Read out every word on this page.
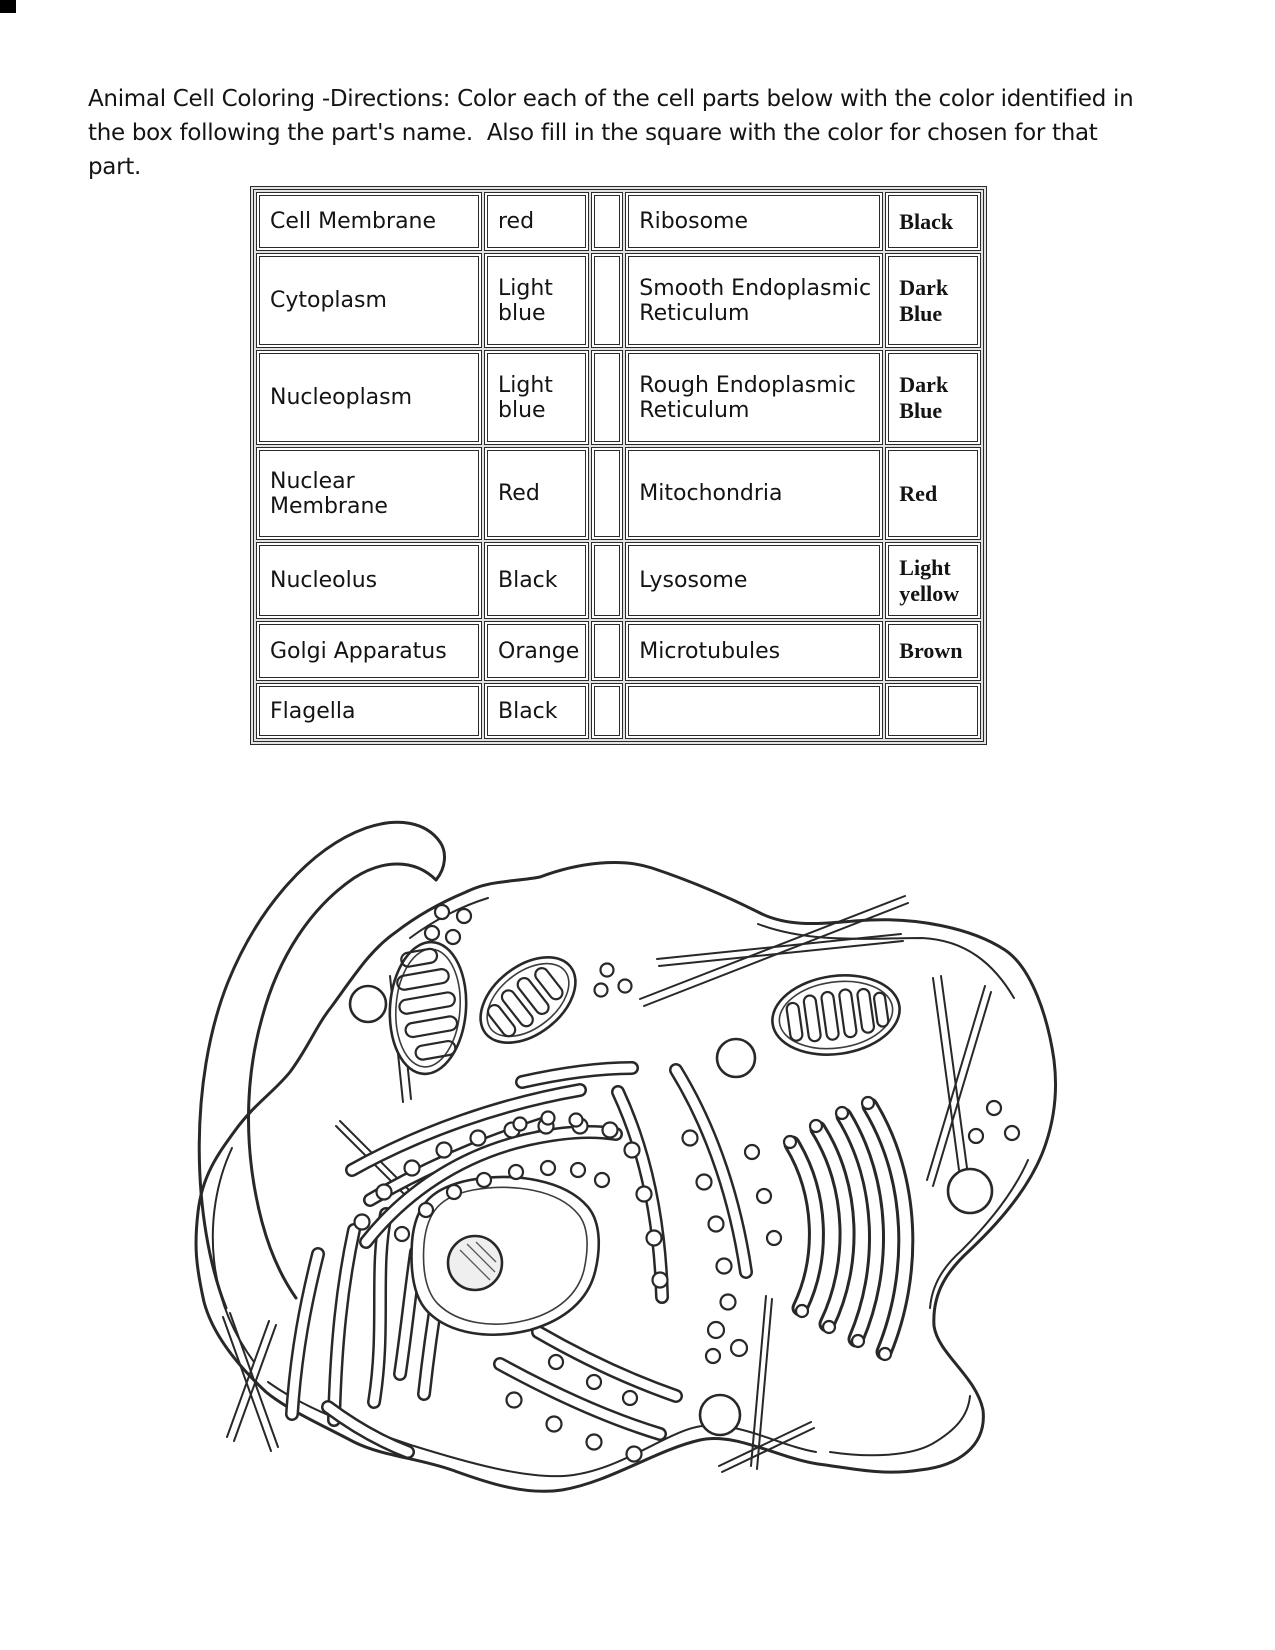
Animal Cell Coloring -Directions: Color each of the cell parts below with the color identified in the box following the part's name.  Also fill in the square with the color for chosen for that part.
Cell Membrane	red		Ribosome	Black
Cytoplasm	Light blue		Smooth Endoplasmic Reticulum	Dark Blue
Nucleoplasm	Light blue		Rough Endoplasmic Reticulum	Dark Blue
Nuclear Membrane	Red		Mitochondria	Red
Nucleolus	Black		Lysosome	Light yellow
Golgi Apparatus	Orange		Microtubules	Brown
Flagella	Black			
